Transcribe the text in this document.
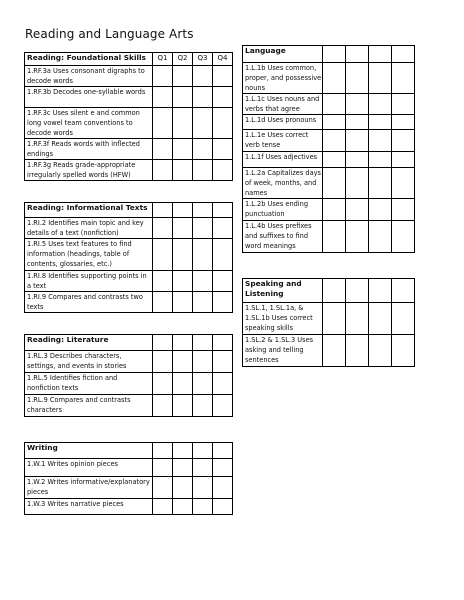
Reading and Language Arts
Reading: Foundational Skills	Q1	Q2	Q3	Q4
1.RF.3a Uses consonant digraphs to decode words				
1.RF.3b Decodes one-syllable words				
1.RF.3c Uses silent e and common long vowel team conventions to decode words				
1.RF.3f Reads words with inflected endings				
1.RF.3g Reads grade-appropriate irregularly spelled words (HFW)				
Reading: Informational Texts				
1.RI.2 Identifies main topic and key details of a text (nonfiction)				
1.RI.5 Uses text features to find information (headings, table of contents, glossaries, etc.)				
1.RI.8 Identifies supporting points in a text				
1.RI.9 Compares and contrasts two texts				
Reading: Literature				
1.RL.3 Describes characters, settings, and events in stories				
1.RL.5 Identifies fiction and nonfiction texts				
1.RL.9 Compares and contrasts characters				
Writing				
1.W.1 Writes opinion pieces				
1.W.2 Writes informative/explanatory pieces				
1.W.3 Writes narrative pieces				
Language				
1.L.1b Uses common, proper, and possessive nouns				
1.L.1c Uses nouns and verbs that agree				
1.L.1d Uses pronouns				
1.L.1e Uses correct verb tense				
1.L.1f Uses adjectives				
1.L.2a Capitalizes days of week, months, and names				
1.L.2b Uses ending punctuation				
1.L.4b Uses prefixes and suffixes to find word meanings				
Speaking and Listening				
1.SL.1, 1.SL.1a, & 1.SL.1b Uses correct speaking skills				
1.SL.2 & 1.SL.3 Uses asking and telling sentences				
